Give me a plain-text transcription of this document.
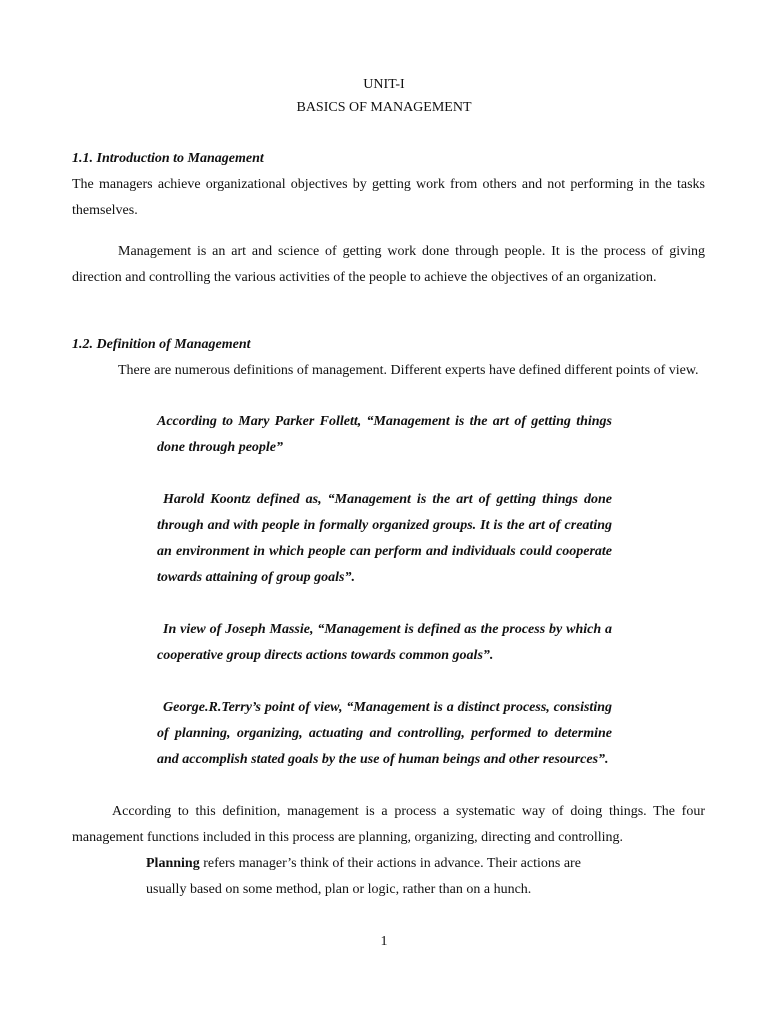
UNIT-I

BASICS OF MANAGEMENT

1.1. Introduction to Management

The managers achieve organizational objectives by getting work from others and not performing in the tasks themselves.

Management is an art and science of getting work done through people. It is the process of giving direction and controlling the various activities of the people to achieve the objectives of an organization.

1.2. Definition of Management

There are numerous definitions of management. Different experts have defined different points of view.

According to Mary Parker Follett, “Management is the art of getting things done through people”

Harold Koontz defined as, “Management is the art of getting things done through and with people in formally organized groups. It is the art of creating an environment in which people can perform and individuals could cooperate towards attaining of group goals”.

In view of Joseph Massie, “Management is defined as the process by which a cooperative group directs actions towards common goals”.

George.R.Terry’s point of view, “Management is a distinct process, consisting of planning, organizing, actuating and controlling, performed to determine and accomplish stated goals by the use of human beings and other resources”.

According to this definition, management is a process a systematic way of doing things. The four management functions included in this process are planning, organizing, directing and controlling.

Planning refers manager’s think of their actions in advance. Their actions are
usually based on some method, plan or logic, rather than on a hunch.

1
